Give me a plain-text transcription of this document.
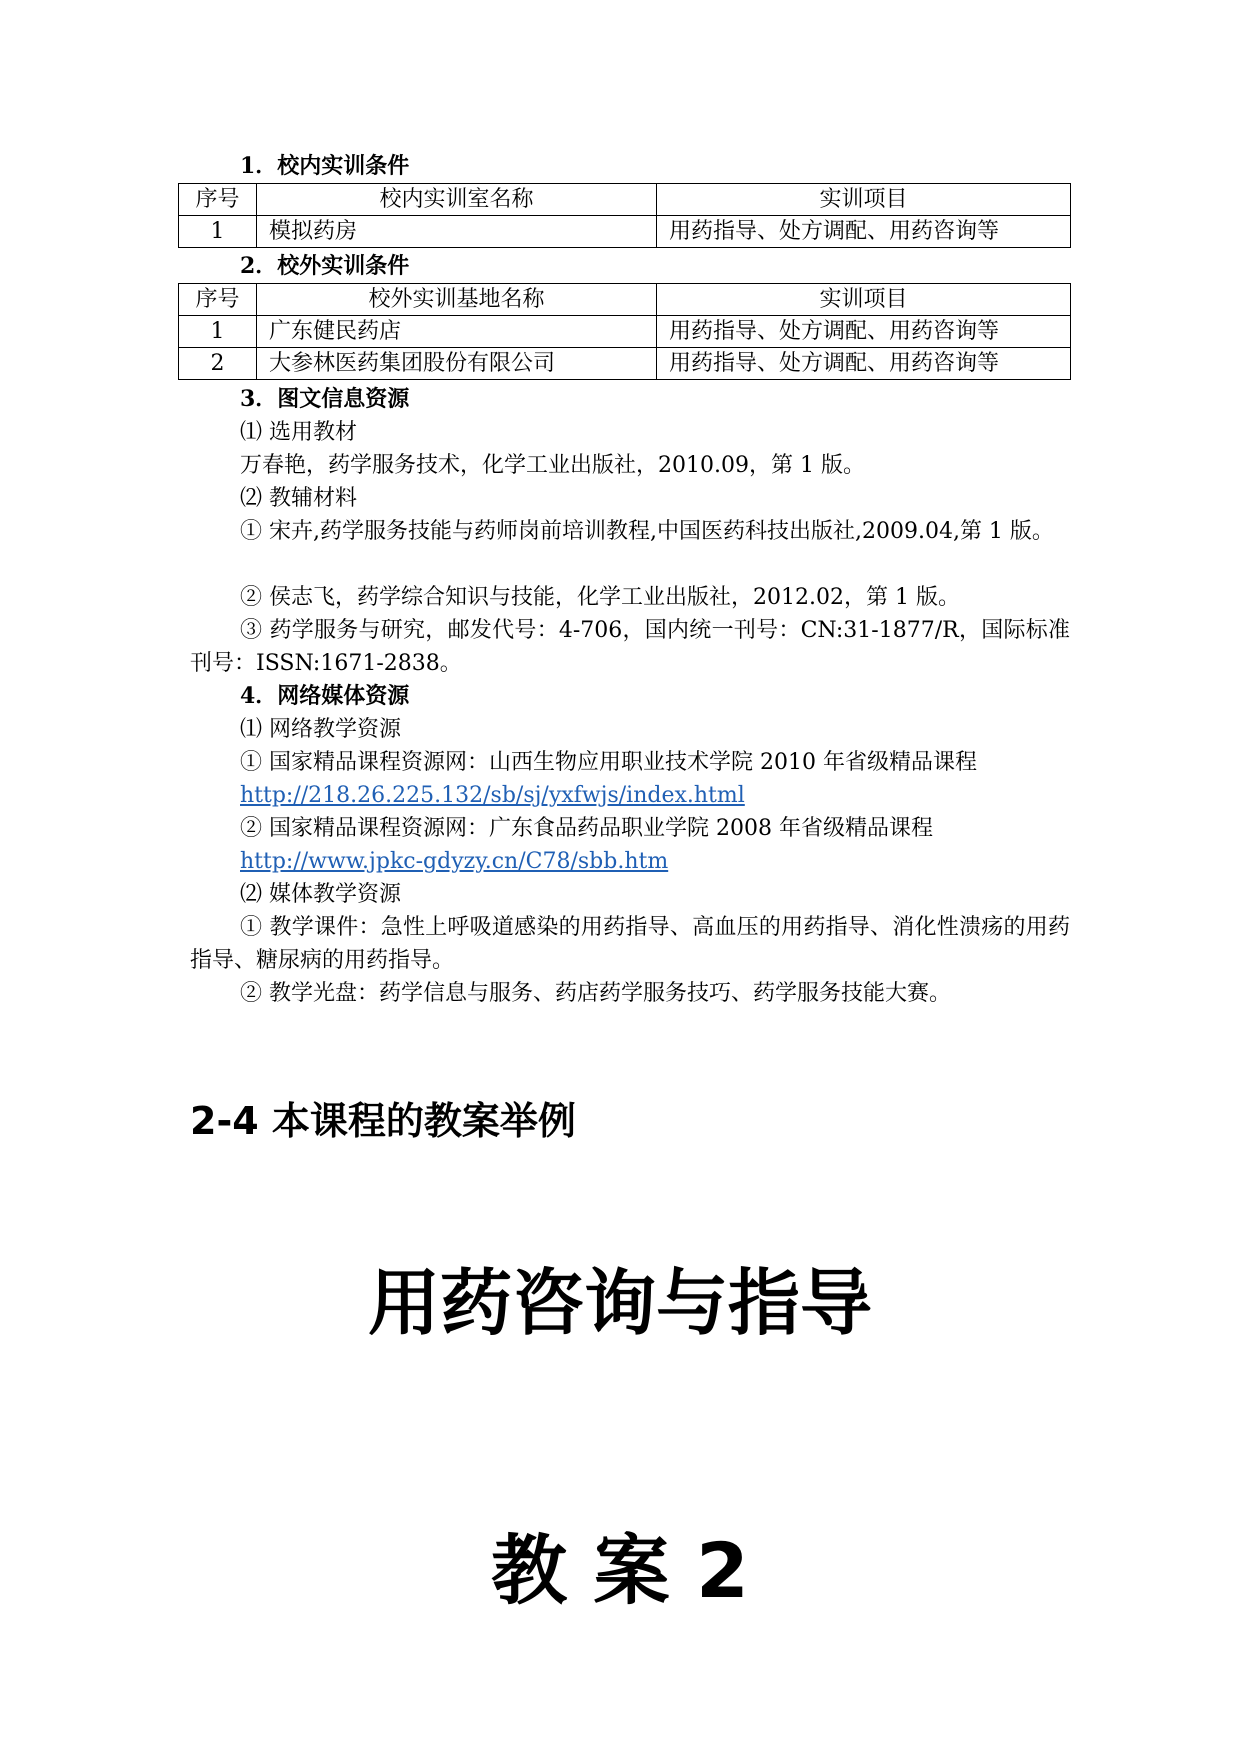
1．校内实训条件
序号	校内实训室名称	实训项目
1	模拟药房	用药指导、处方调配、用药咨询等
2．校外实训条件
序号	校外实训基地名称	实训项目
1	广东健民药店	用药指导、处方调配、用药咨询等
2	大参林医药集团股份有限公司	用药指导、处方调配、用药咨询等
3．图文信息资源
⑴ 选用教材
万春艳，药学服务技术，化学工业出版社，2010.09，第 1 版。
⑵ 教辅材料
① 宋卉,药学服务技能与药师岗前培训教程,中国医药科技出版社,2009.04,第 1 版。
② 侯志飞，药学综合知识与技能，化学工业出版社，2012.02，第 1 版。
③ 药学服务与研究，邮发代号：4-706，国内统一刊号：CN:31-1877/R，国际标准刊号：ISSN:1671-2838。
4．网络媒体资源
⑴ 网络教学资源
① 国家精品课程资源网：山西生物应用职业技术学院 2010 年省级精品课程
http://218.26.225.132/sb/sj/yxfwjs/index.html
② 国家精品课程资源网：广东食品药品职业学院 2008 年省级精品课程
http://www.jpkc-gdyzy.cn/C78/sbb.htm
⑵ 媒体教学资源
① 教学课件：急性上呼吸道感染的用药指导、高血压的用药指导、消化性溃疡的用药指导、糖尿病的用药指导。
② 教学光盘：药学信息与服务、药店药学服务技巧、药学服务技能大赛。
2-4 本课程的教案举例
用药咨询与指导
教 案 2
